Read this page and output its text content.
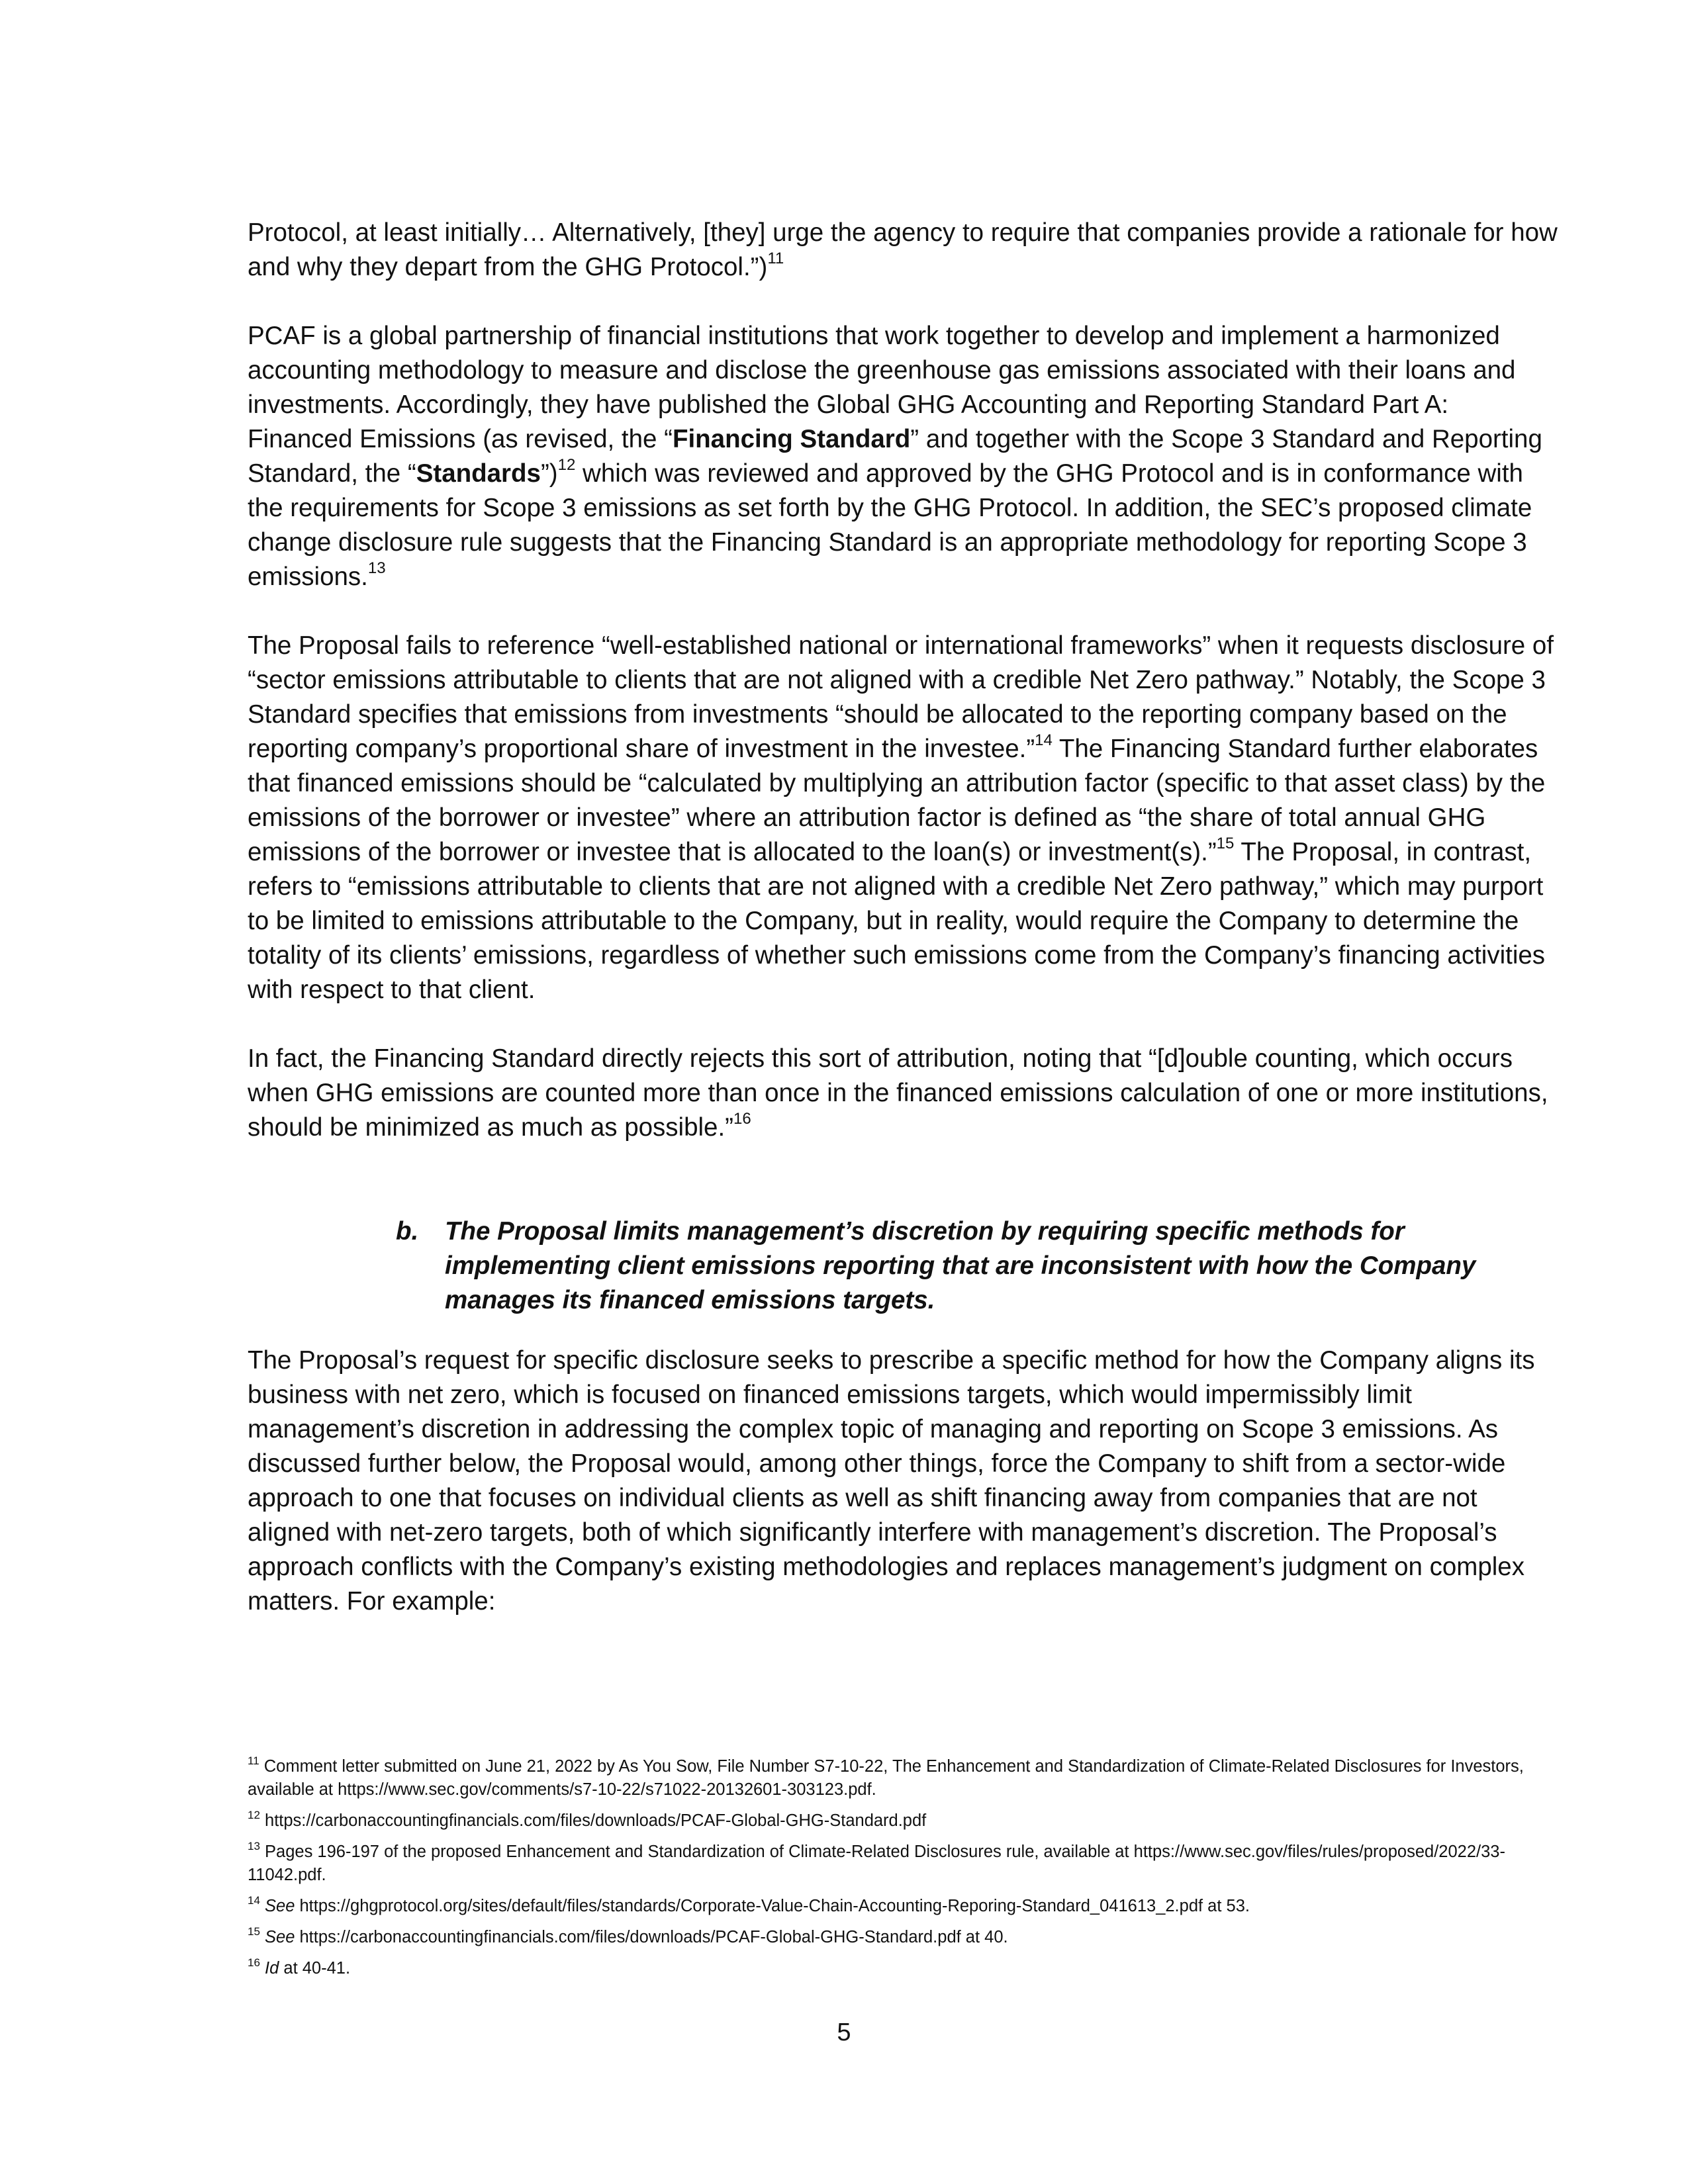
Protocol, at least initially… Alternatively, [they] urge the agency to require that companies provide a rationale for how and why they depart from the GHG Protocol.”)$^{11}$

PCAF is a global partnership of financial institutions that work together to develop and implement a harmonized accounting methodology to measure and disclose the greenhouse gas emissions associated with their loans and investments. Accordingly, they have published the Global GHG Accounting and Reporting Standard Part A: Financed Emissions (as revised, the “Financing Standard” and together with the Scope 3 Standard and Reporting Standard, the “Standards”)$^{12}$ which was reviewed and approved by the GHG Protocol and is in conformance with the requirements for Scope 3 emissions as set forth by the GHG Protocol. In addition, the SEC’s proposed climate change disclosure rule suggests that the Financing Standard is an appropriate methodology for reporting Scope 3 emissions.$^{13}$

The Proposal fails to reference “well-established national or international frameworks” when it requests disclosure of “sector emissions attributable to clients that are not aligned with a credible Net Zero pathway.” Notably, the Scope 3 Standard specifies that emissions from investments “should be allocated to the reporting company based on the reporting company’s proportional share of investment in the investee.”$^{14}$ The Financing Standard further elaborates that financed emissions should be “calculated by multiplying an attribution factor (specific to that asset class) by the emissions of the borrower or investee” where an attribution factor is defined as “the share of total annual GHG emissions of the borrower or investee that is allocated to the loan(s) or investment(s).”$^{15}$ The Proposal, in contrast, refers to “emissions attributable to clients that are not aligned with a credible Net Zero pathway,” which may purport to be limited to emissions attributable to the Company, but in reality, would require the Company to determine the totality of its clients’ emissions, regardless of whether such emissions come from the Company’s financing activities with respect to that client.

In fact, the Financing Standard directly rejects this sort of attribution, noting that “[d]ouble counting, which occurs when GHG emissions are counted more than once in the financed emissions calculation of one or more institutions, should be minimized as much as possible.”$^{16}$

b.	The Proposal limits management’s discretion by requiring specific methods for implementing client emissions reporting that are inconsistent with how the Company manages its financed emissions targets.

The Proposal’s request for specific disclosure seeks to prescribe a specific method for how the Company aligns its business with net zero, which is focused on financed emissions targets, which would impermissibly limit management’s discretion in addressing the complex topic of managing and reporting on Scope 3 emissions. As discussed further below, the Proposal would, among other things, force the Company to shift from a sector-wide approach to one that focuses on individual clients as well as shift financing away from companies that are not aligned with net-zero targets, both of which significantly interfere with management’s discretion. The Proposal’s approach conflicts with the Company’s existing methodologies and replaces management’s judgment on complex matters. For example:

$^{11}$ Comment letter submitted on June 21, 2022 by As You Sow, File Number S7-10-22, The Enhancement and Standardization of Climate-Related Disclosures for Investors, available at https://www.sec.gov/comments/s7-10-22/s71022-20132601-303123.pdf.
$^{12}$ https://carbonaccountingfinancials.com/files/downloads/PCAF-Global-GHG-Standard.pdf
$^{13}$ Pages 196-197 of the proposed Enhancement and Standardization of Climate-Related Disclosures rule, available at https://www.sec.gov/files/rules/proposed/2022/33-11042.pdf.
$^{14}$ See https://ghgprotocol.org/sites/default/files/standards/Corporate-Value-Chain-Accounting-Reporing-Standard_041613_2.pdf at 53.
$^{15}$ See https://carbonaccountingfinancials.com/files/downloads/PCAF-Global-GHG-Standard.pdf at 40.
$^{16}$ Id at 40-41.
5
